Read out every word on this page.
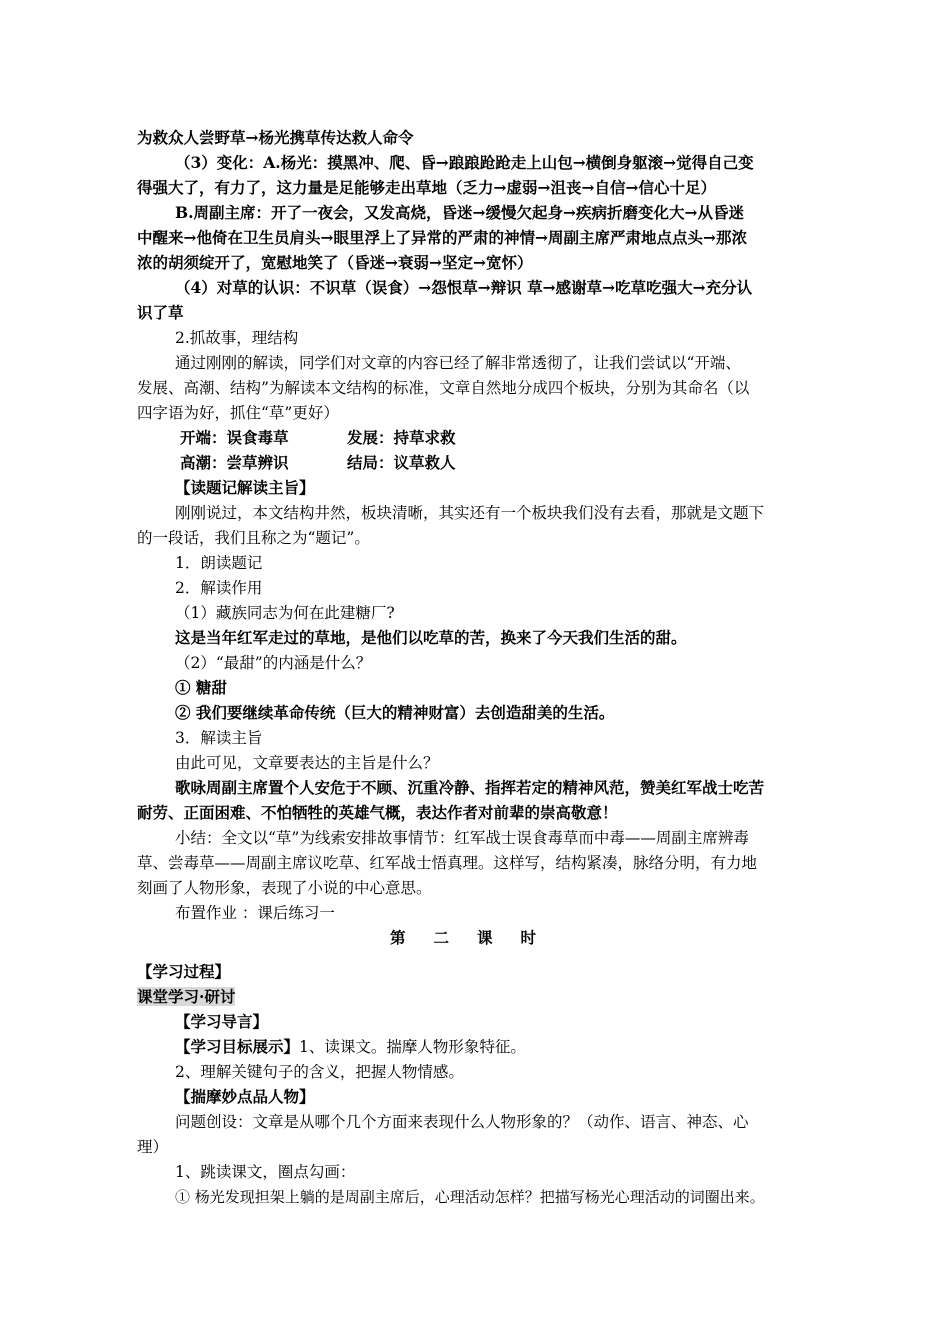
为救众人尝野草→杨光携草传达救人命令
（3）变化：A.杨光：摸黑冲、爬、昏→踉踉跄跄走上山包→横倒身躯滚→觉得自己变
得强大了，有力了，这力量是足能够走出草地（乏力→虚弱→沮丧→自信→信心十足）
B.周副主席：开了一夜会，又发高烧，昏迷→缓慢欠起身→疾病折磨变化大→从昏迷
中醒来→他倚在卫生员肩头→眼里浮上了异常的严肃的神情→周副主席严肃地点点头→那浓
浓的胡须绽开了，宽慰地笑了（昏迷→衰弱→坚定→宽怀）
（4）对草的认识：不识草（误食）→怨恨草→辩识 草→感谢草→吃草吃强大→充分认
识了草
2.抓故事，理结构
通过刚刚的解读，同学们对文章的内容已经了解非常透彻了，让我们尝试以“开端、
发展、高潮、结构”为解读本文结构的标准，文章自然地分成四个板块，分别为其命名（以
四字语为好，抓住“草”更好）
开端：误食毒草	发展：持草求救
高潮：尝草辨识	结局：议草救人
【读题记解读主旨】
刚刚说过，本文结构井然，板块清晰，其实还有一个板块我们没有去看，那就是文题下
的一段话，我们且称之为“题记”。
1．朗读题记
2．解读作用
（1）藏族同志为何在此建糖厂?
这是当年红军走过的草地，是他们以吃草的苦，换来了今天我们生活的甜。
（2）“最甜”的内涵是什么？
① 糖甜
② 我们要继续革命传统（巨大的精神财富）去创造甜美的生活。
3．解读主旨
由此可见，文章要表达的主旨是什么？
歌咏周副主席置个人安危于不顾、沉重冷静、指挥若定的精神风范，赞美红军战士吃苦
耐劳、正面困难、不怕牺牲的英雄气概，表达作者对前辈的崇高敬意！
小结：全文以“草”为线索安排故事情节：红军战士误食毒草而中毒——周副主席辨毒
草、尝毒草——周副主席议吃草、红军战士悟真理。这样写，结构紧凑，脉络分明，有力地
刻画了人物形象，表现了小说的中心意思。
布置作业 ：课后练习一
第二课时
【学习过程】
课堂学习·研讨
【学习导言】
【学习目标展示】1、读课文。揣摩人物形象特征。
2、理解关键句子的含义，把握人物情感。
【揣摩妙点品人物】
问题创设：文章是从哪个几个方面来表现什么人物形象的？（动作、语言、神态、心
理）
1、跳读课文，圈点勾画：
① 杨光发现担架上躺的是周副主席后，心理活动怎样？把描写杨光心理活动的词圈出来。
